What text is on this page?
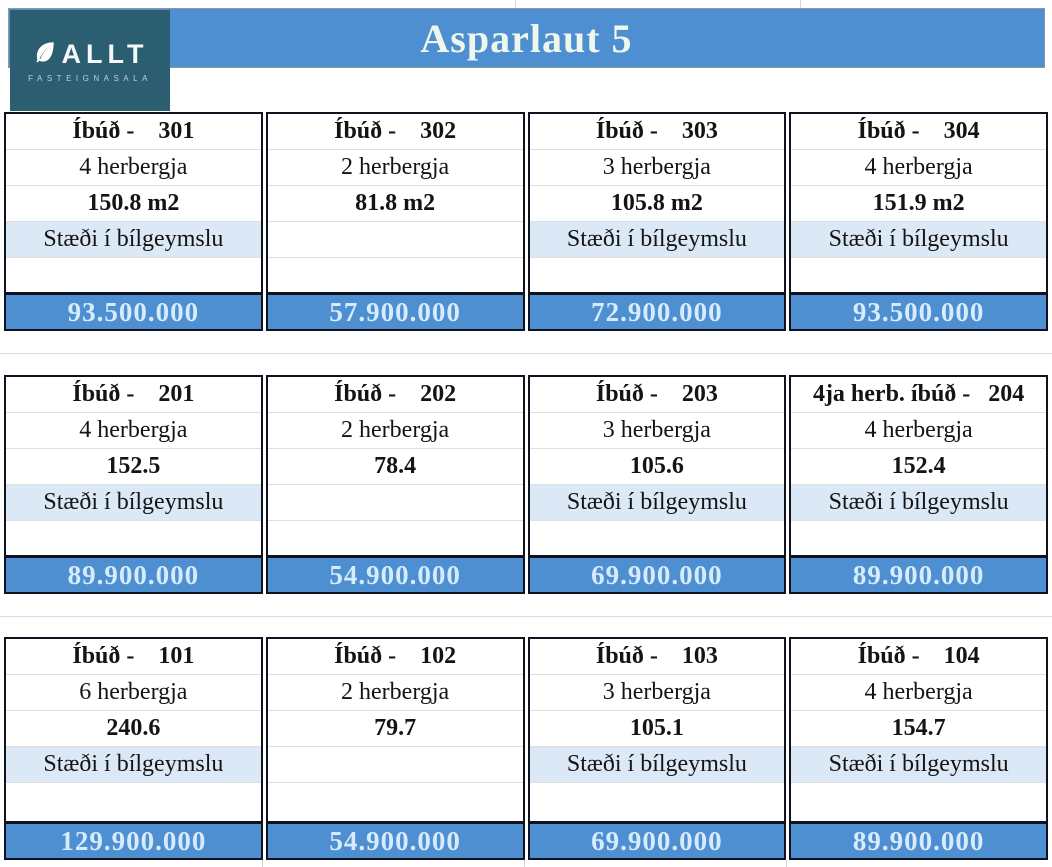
Asparlaut 5
ALLT
FASTEIGNASALA
Íbúð -    301
4 herbergja
150.8 m2
Stæði í bílgeymslu
93.500.000
Íbúð -    302
2 herbergja
81.8 m2
57.900.000
Íbúð -    303
3 herbergja
105.8 m2
Stæði í bílgeymslu
72.900.000
Íbúð -    304
4 herbergja
151.9 m2
Stæði í bílgeymslu
93.500.000
Íbúð -    201
4 herbergja
152.5
Stæði í bílgeymslu
89.900.000
Íbúð -    202
2 herbergja
78.4
54.900.000
Íbúð -    203
3 herbergja
105.6
Stæði í bílgeymslu
69.900.000
4ja herb. íbúð -   204
4 herbergja
152.4
Stæði í bílgeymslu
89.900.000
Íbúð -    101
6 herbergja
240.6
Stæði í bílgeymslu
129.900.000
Íbúð -    102
2 herbergja
79.7
54.900.000
Íbúð -    103
3 herbergja
105.1
Stæði í bílgeymslu
69.900.000
Íbúð -    104
4 herbergja
154.7
Stæði í bílgeymslu
89.900.000
